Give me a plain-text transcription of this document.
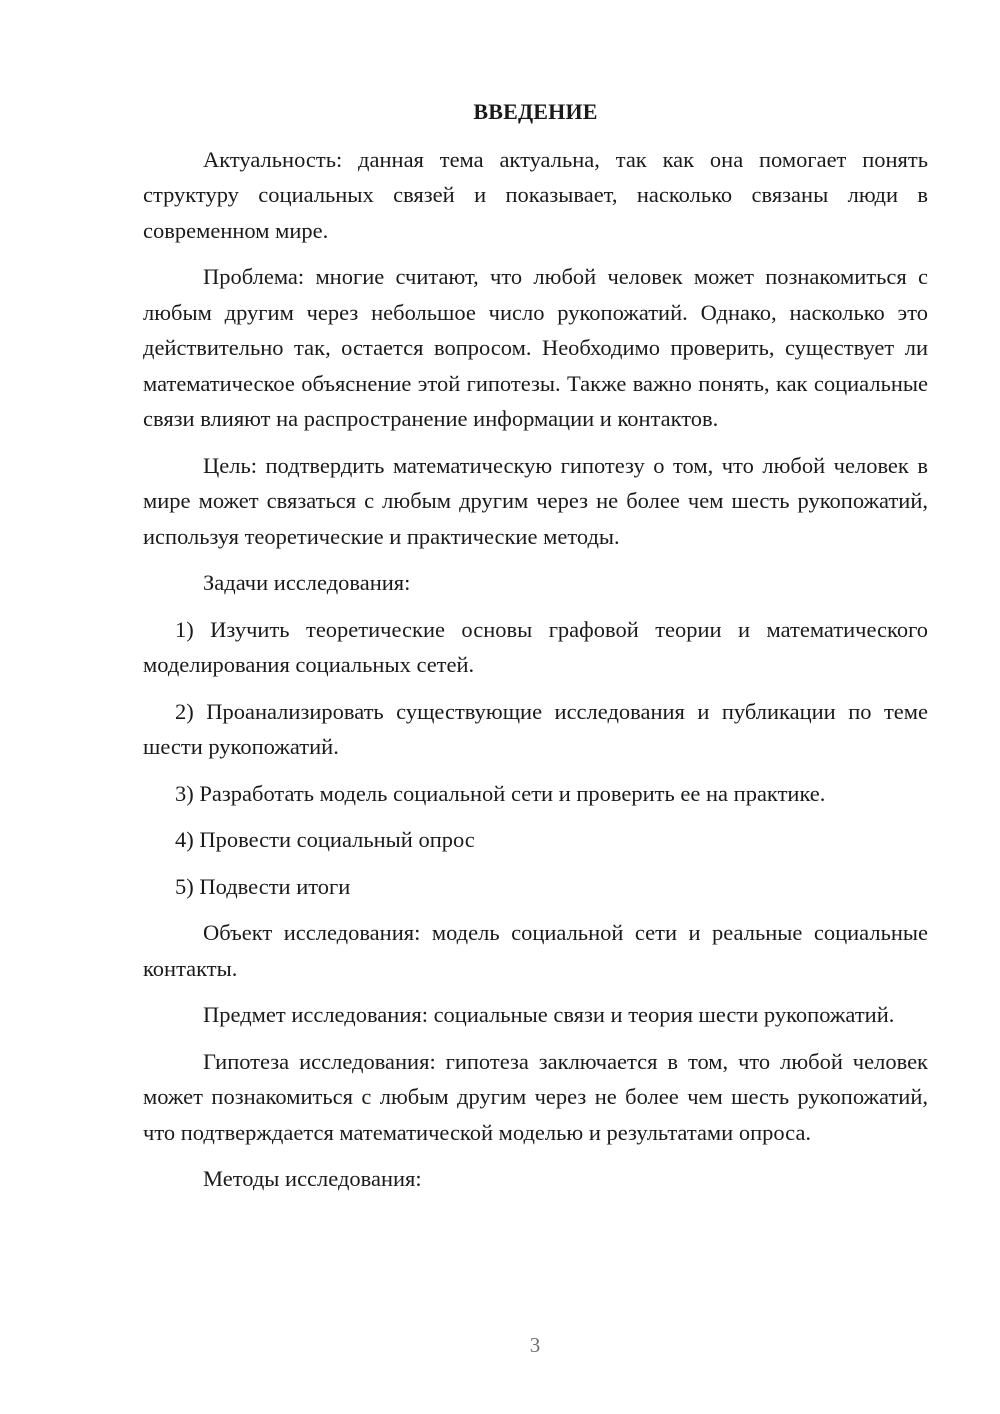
ВВЕДЕНИЕ

Актуальность: данная тема актуальна, так как она помогает понять структуру социальных связей и показывает, насколько связаны люди в современном мире.

Проблема: многие считают, что любой человек может познакомиться с любым другим через небольшое число рукопожатий. Однако, насколько это действительно так, остается вопросом. Необходимо проверить, существует ли математическое объяснение этой гипотезы. Также важно понять, как социальные связи влияют на распространение информации и контактов.

Цель: подтвердить математическую гипотезу о том, что любой человек в мире может связаться с любым другим через не более чем шесть рукопожатий, используя теоретические и практические методы.

Задачи исследования:

1) Изучить теоретические основы графовой теории и математического моделирования социальных сетей.

2) Проанализировать существующие исследования и публикации по теме шести рукопожатий.

3) Разработать модель социальной сети и проверить ее на практике.

4) Провести социальный опрос

5) Подвести итоги

Объект исследования: модель социальной сети и реальные социальные контакты.

Предмет исследования: социальные связи и теория шести рукопожатий.

Гипотеза исследования: гипотеза заключается в том, что любой человек может познакомиться с любым другим через не более чем шесть рукопожатий, что подтверждается математической моделью и результатами опроса.

Методы исследования:

3
